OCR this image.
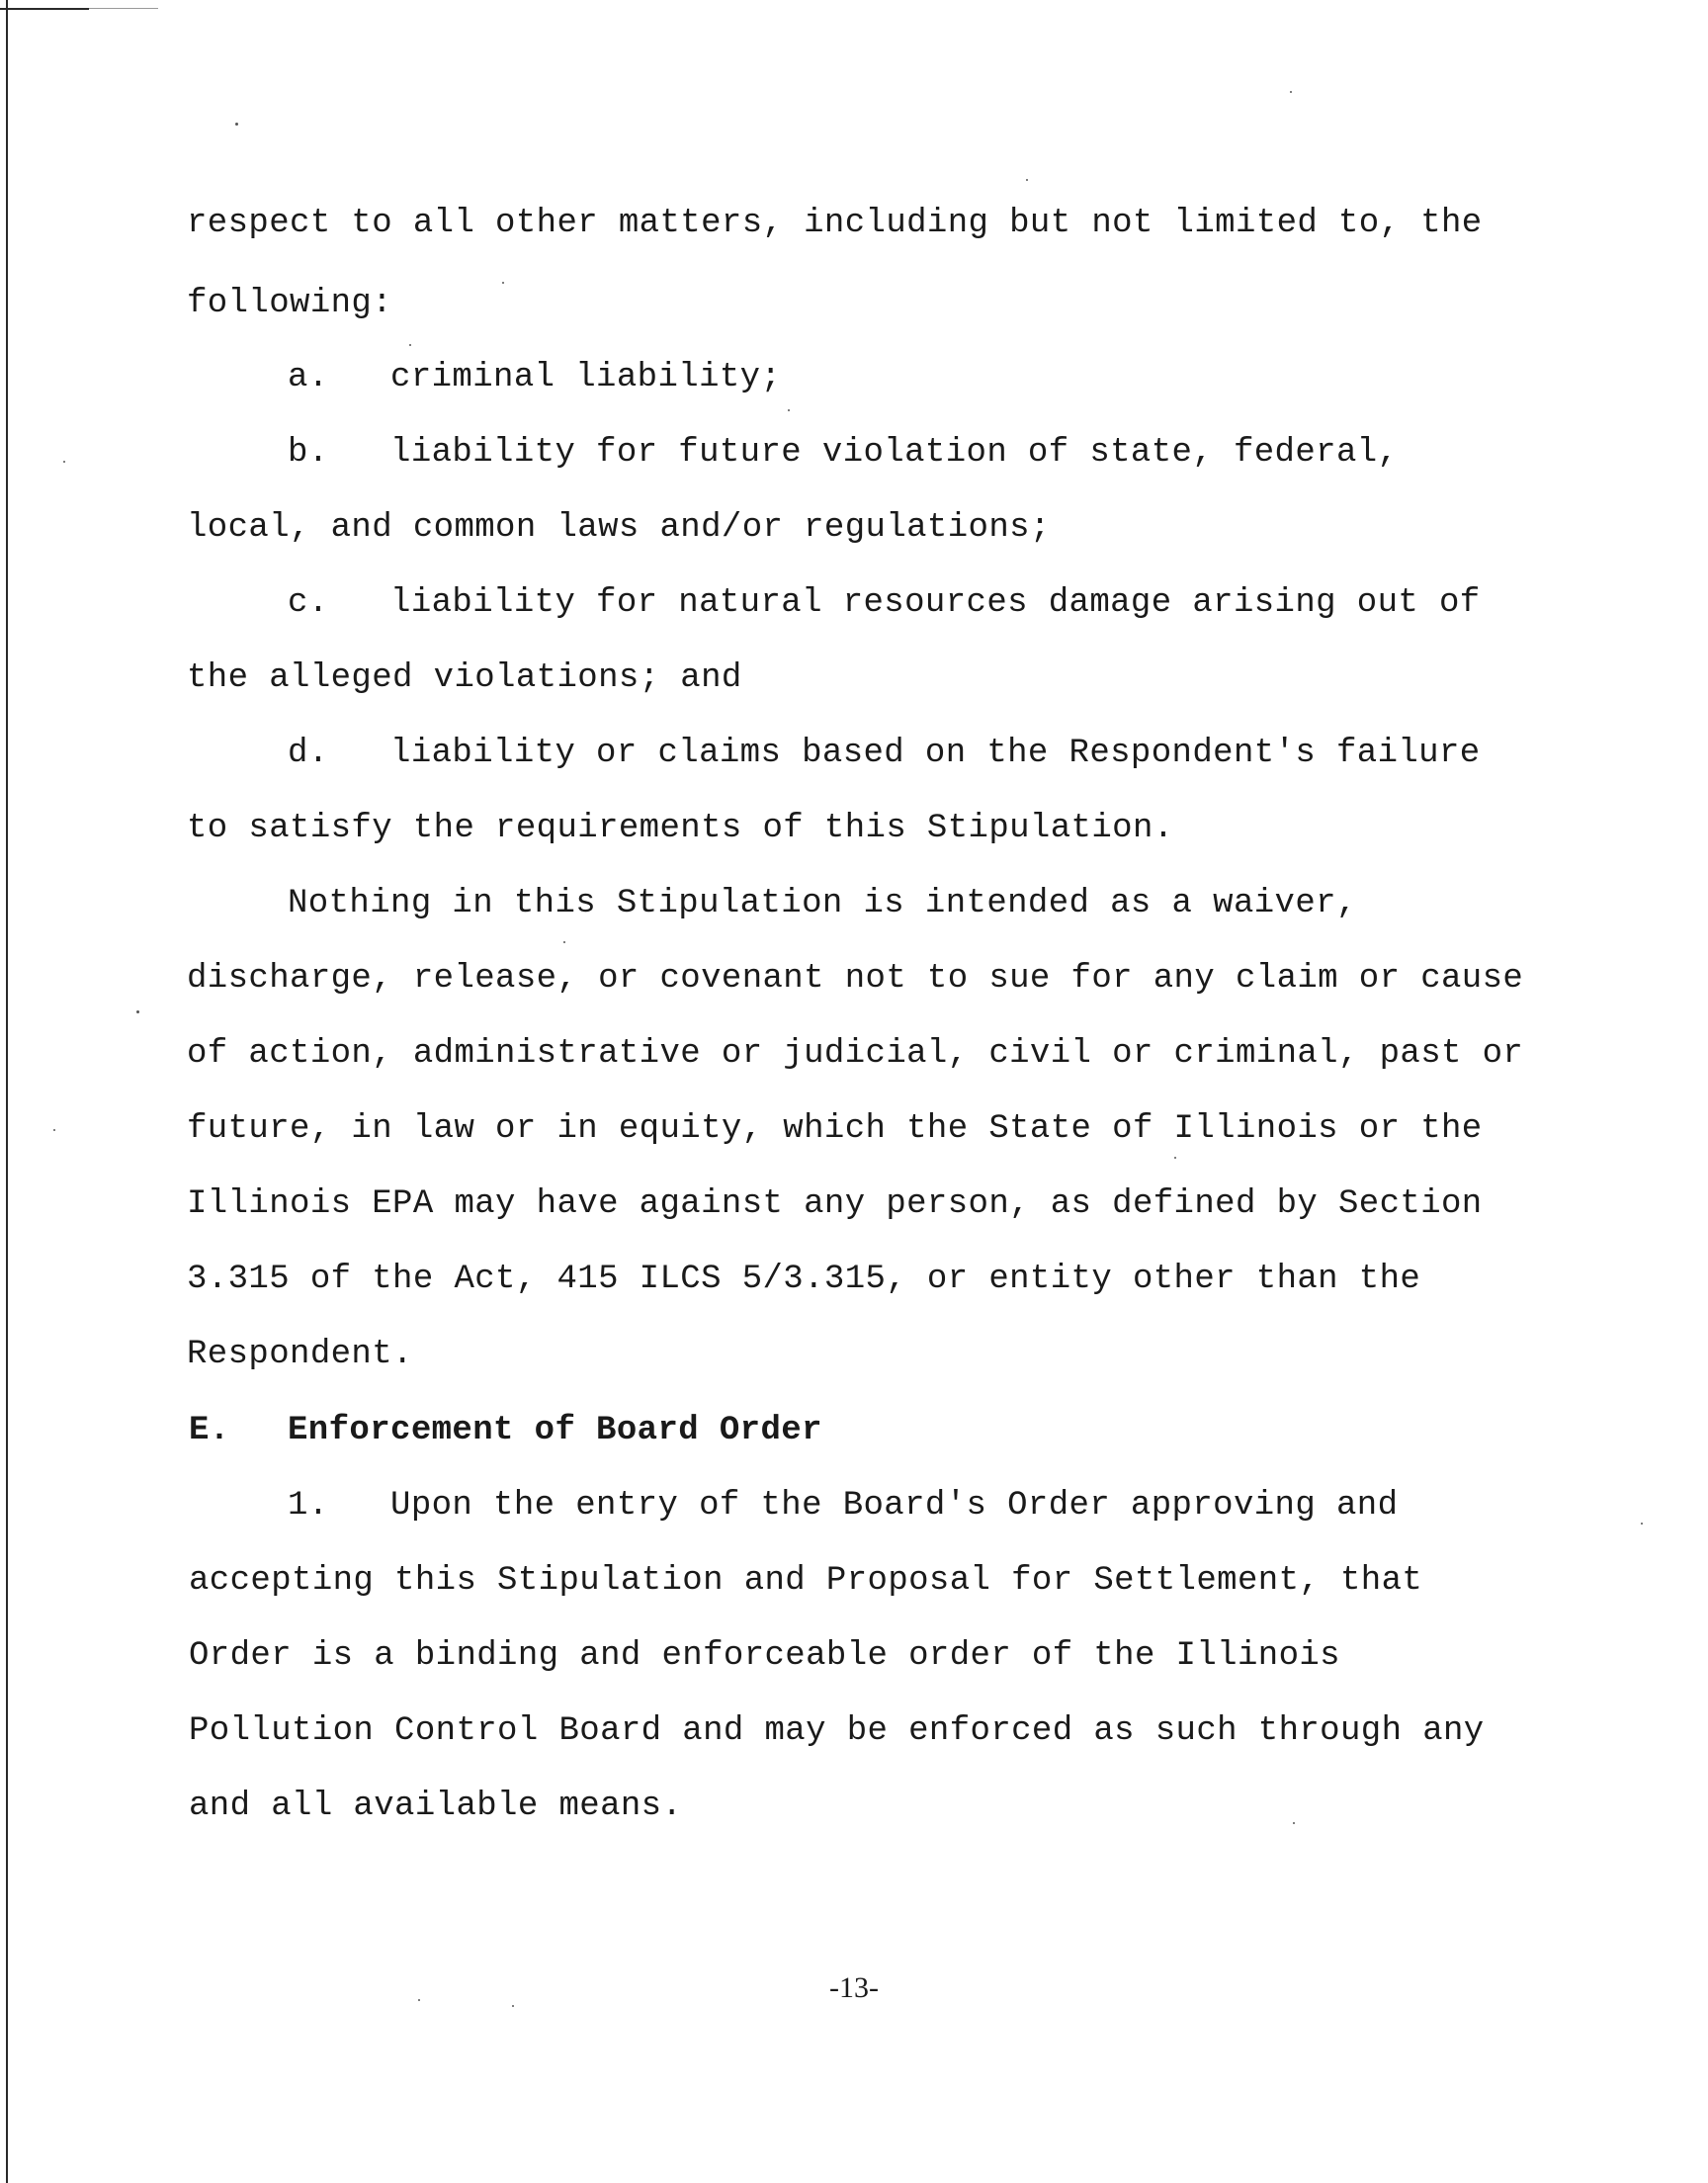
respect to all other matters, including but not limited to, the
following:
a.   criminal liability;
b.   liability for future violation of state, federal,
local, and common laws and/or regulations;
c.   liability for natural resources damage arising out of
the alleged violations; and
d.   liability or claims based on the Respondent's failure
to satisfy the requirements of this Stipulation.
Nothing in this Stipulation is intended as a waiver,
discharge, release, or covenant not to sue for any claim or cause
of action, administrative or judicial, civil or criminal, past or
future, in law or in equity, which the State of Illinois or the
Illinois EPA may have against any person, as defined by Section
3.315 of the Act, 415 ILCS 5/3.315, or entity other than the
Respondent.
E. Enforcement of Board Order
1.   Upon the entry of the Board's Order approving and
accepting this Stipulation and Proposal for Settlement, that
Order is a binding and enforceable order of the Illinois
Pollution Control Board and may be enforced as such through any
and all available means.
-13-
